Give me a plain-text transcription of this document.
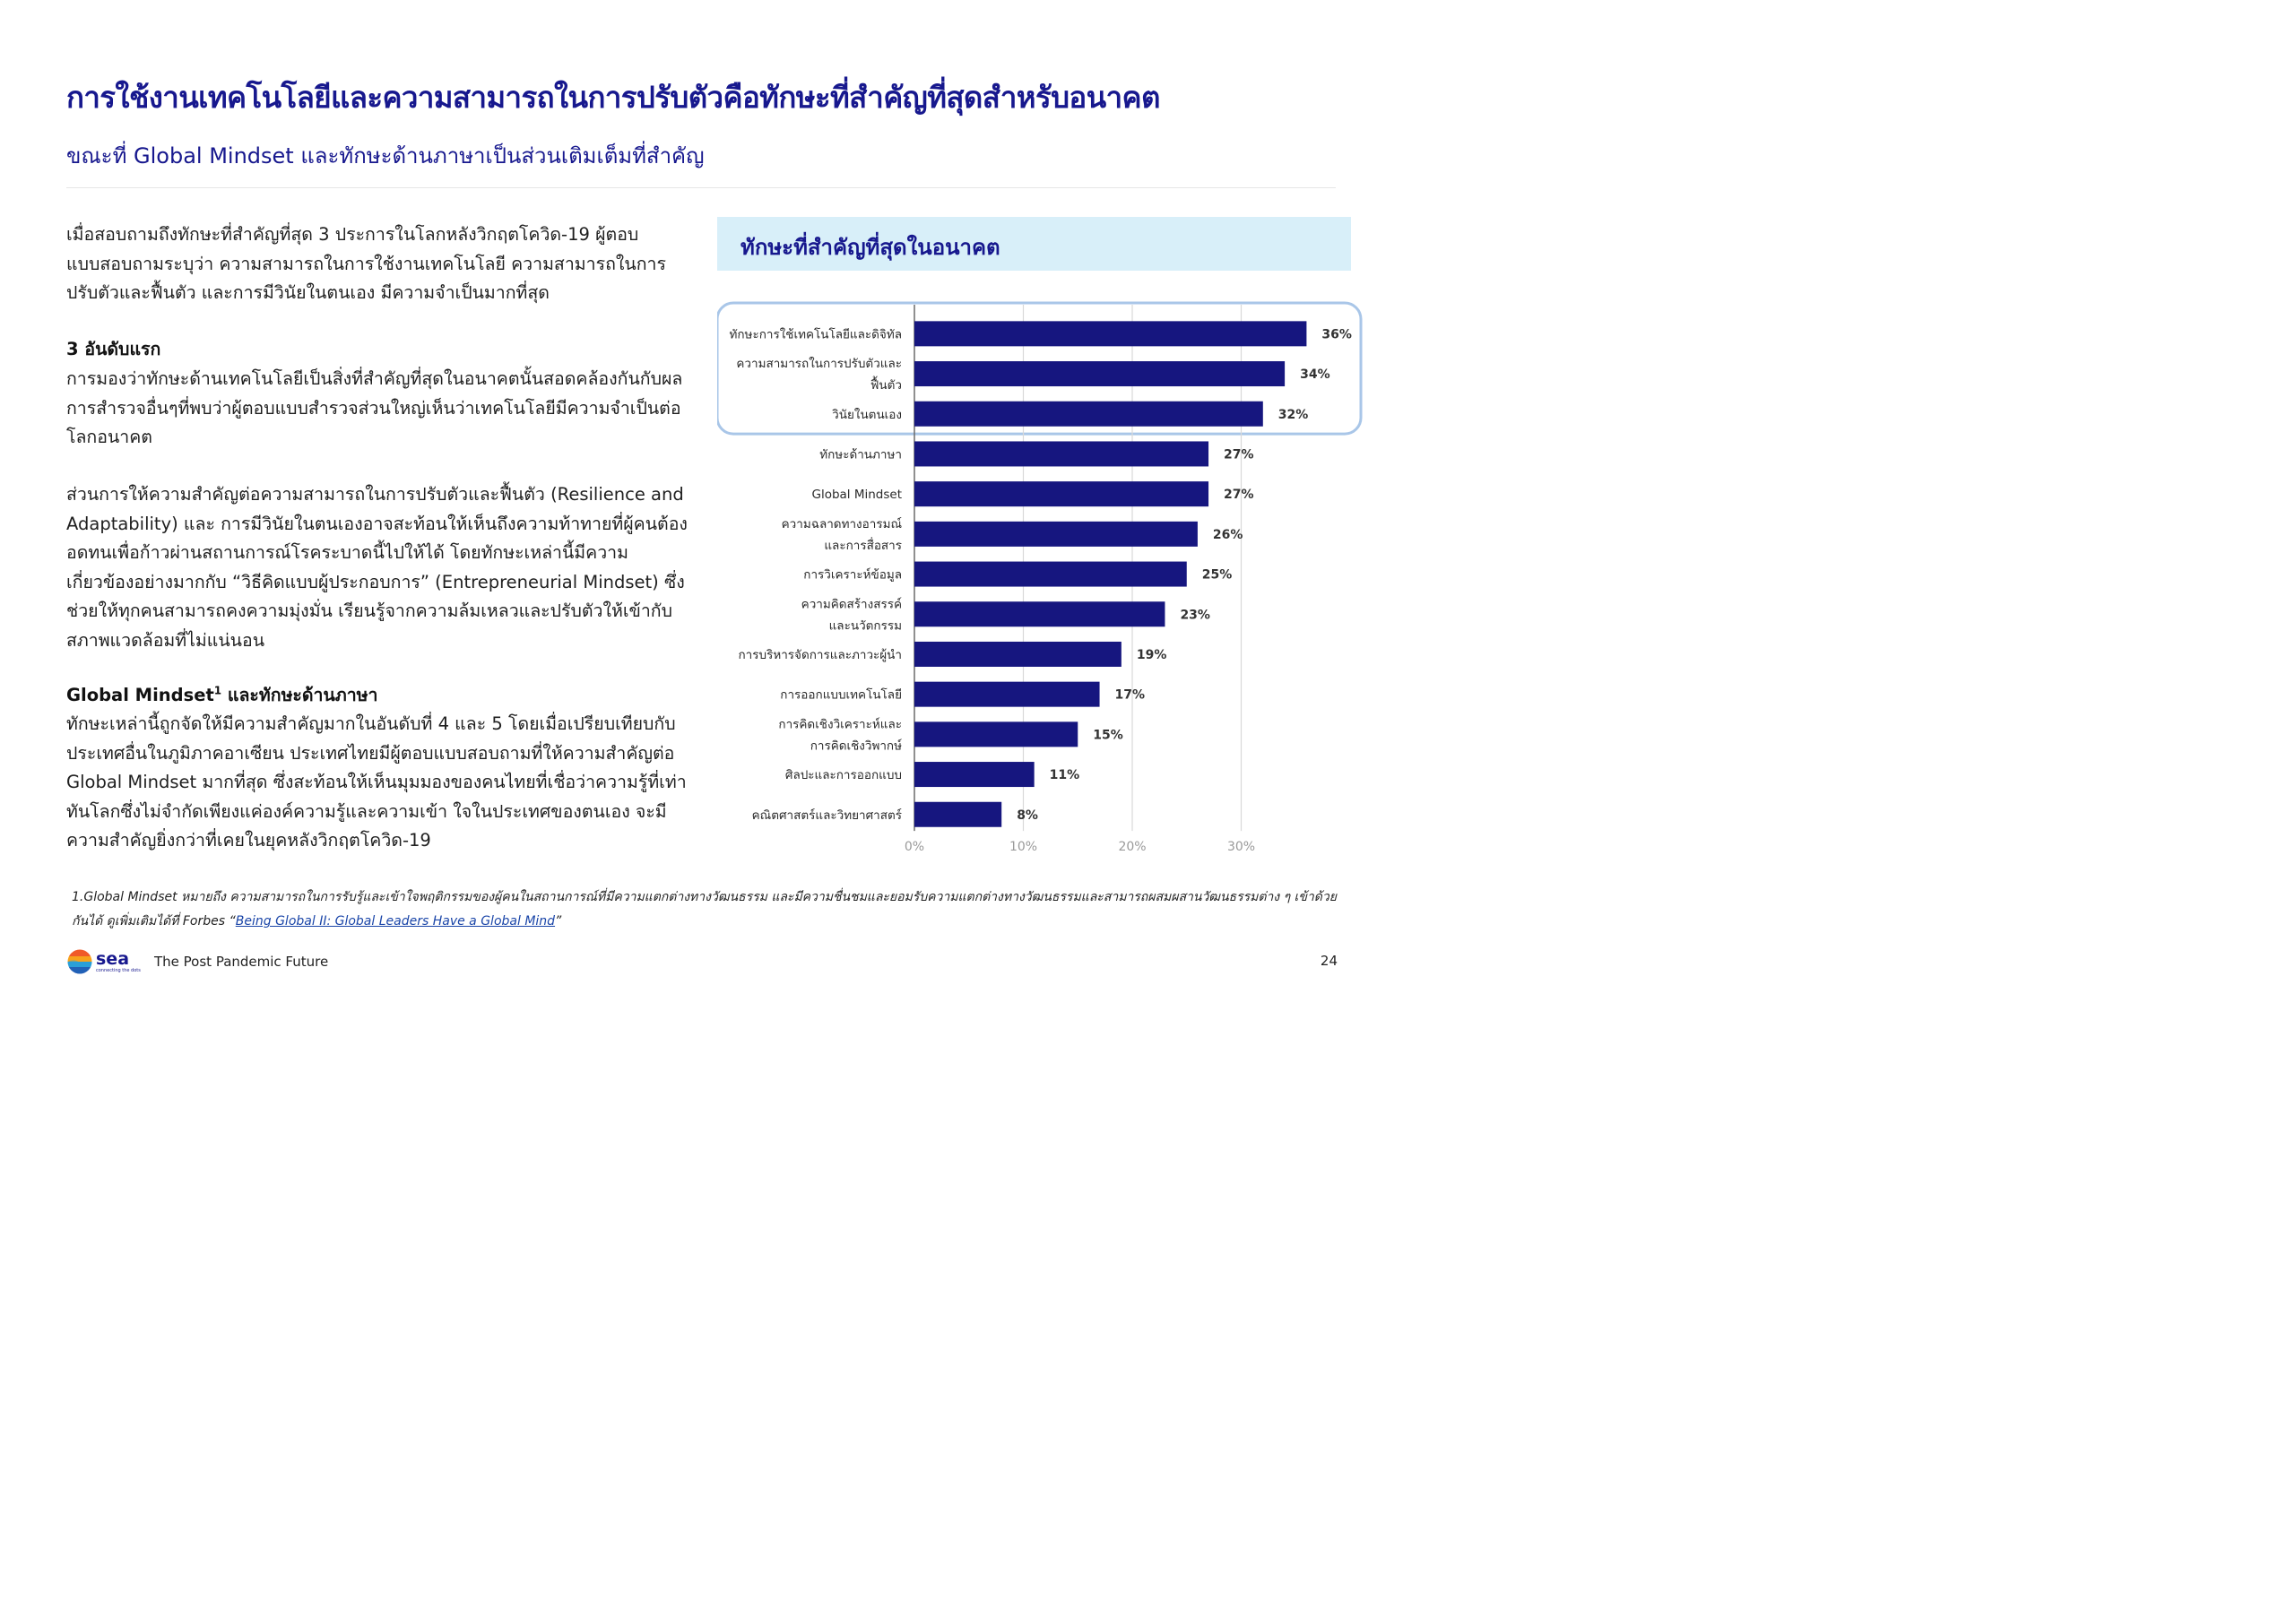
การใช้งานเทคโนโลยีและความสามารถในการปรับตัวคือทักษะที่สำคัญที่สุดสำหรับอนาคต
ขณะที่ Global Mindset และทักษะด้านภาษาเป็นส่วนเติมเต็มที่สำคัญ
เมื่อสอบถามถึงทักษะที่สำคัญที่สุด 3 ประการในโลกหลังวิกฤตโควิด-19 ผู้ตอบแบบสอบถามระบุว่า ความสามารถในการใช้งานเทคโนโลยี ความสามารถในการปรับตัวและฟื้นตัว และการมีวินัยในตนเอง มีความจำเป็นมากที่สุด
3 อันดับแรก
การมองว่าทักษะด้านเทคโนโลยีเป็นสิ่งที่สำคัญที่สุดในอนาคตนั้นสอดคล้องกันกับผลการสำรวจอื่นๆที่พบว่าผู้ตอบแบบสำรวจส่วนใหญ่เห็นว่าเทคโนโลยีมีความจำเป็นต่อโลกอนาคต
ส่วนการให้ความสำคัญต่อความสามารถในการปรับตัวและฟื้นตัว (Resilience and Adaptability) และ การมีวินัยในตนเองอาจสะท้อนให้เห็นถึงความท้าทายที่ผู้คนต้องอดทนเพื่อก้าวผ่านสถานการณ์โรคระบาดนี้ไปให้ได้ โดยทักษะเหล่านี้มีความเกี่ยวข้องอย่างมากกับ “วิธีคิดแบบผู้ประกอบการ” (Entrepreneurial Mindset) ซึ่งช่วยให้ทุกคนสามารถคงความมุ่งมั่น เรียนรู้จากความล้มเหลวและปรับตัวให้เข้ากับสภาพแวดล้อมที่ไม่แน่นอน
Global Mindset$^1$ และทักษะด้านภาษา
ทักษะเหล่านี้ถูกจัดให้มีความสำคัญมากในอันดับที่ 4 และ 5 โดยเมื่อเปรียบเทียบกับประเทศอื่นในภูมิภาคอาเซียน ประเทศไทยมีผู้ตอบแบบสอบถามที่ให้ความสำคัญต่อ Global Mindset มากที่สุด ซึ่งสะท้อนให้เห็นมุมมองของคนไทยที่เชื่อว่าความรู้ที่เท่าทันโลกซึ่งไม่จำกัดเพียงแค่องค์ความรู้และความเข้า ใจในประเทศของตนเอง จะมีความสำคัญยิ่งกว่าที่เคยในยุคหลังวิกฤตโควิด-19
ทักษะที่สำคัญที่สุดในอนาคต
0%	10%	20%	30%
36%
ทักษะการใช้เทคโนโลยีและดิจิทัล
34%
ความสามารถในการปรับตัวและ
ฟื้นตัว
32%
วินัยในตนเอง
27%
ทักษะด้านภาษา
27%
Global Mindset
26%
ความฉลาดทางอารมณ์
และการสื่อสาร
25%
การวิเคราะห์ข้อมูล
23%
ความคิดสร้างสรรค์
และนวัตกรรม
19%
การบริหารจัดการและภาวะผู้นำ
17%
การออกแบบเทคโนโลยี
15%
การคิดเชิงวิเคราะห์และ
การคิดเชิงวิพากษ์
11%
ศิลปะและการออกแบบ
8%
คณิตศาสตร์และวิทยาศาสตร์
1.Global Mindset หมายถึง ความสามารถในการรับรู้และเข้าใจพฤติกรรมของผู้คนในสถานการณ์ที่มีความแตกต่างทางวัฒนธรรม และมีความชื่นชมและยอมรับความแตกต่างทางวัฒนธรรมและสามารถผสมผสานวัฒนธรรมต่าง ๆ เข้าด้วยกันได้ ดูเพิ่มเติมได้ที่ Forbes “Being Global II: Global Leaders Have a Global Mind”
sea
connecting the dots
The Post Pandemic Future	24
